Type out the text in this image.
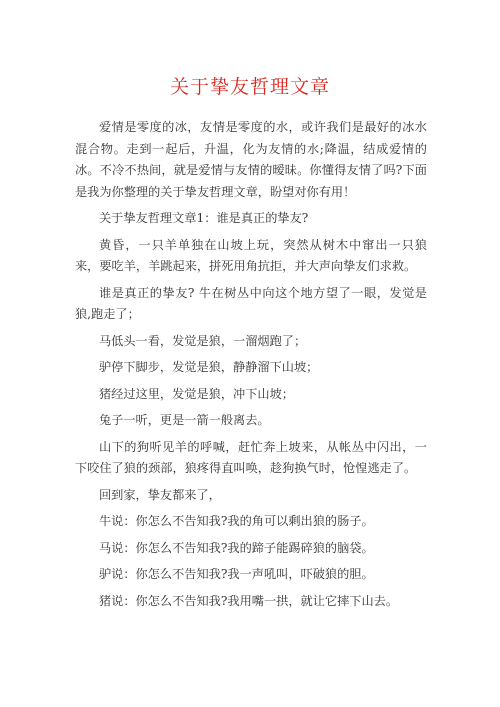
关于挚友哲理文章

爱情是零度的冰，友情是零度的水，或许我们是最好的冰水混合物。走到一起后，升温，化为友情的水;降温，结成爱情的冰。不冷不热间，就是爱情与友情的暧昧。你懂得友情了吗?下面是我为你整理的关于挚友哲理文章，盼望对你有用！

关于挚友哲理文章1：谁是真正的挚友?

黄昏，一只羊单独在山坡上玩，突然从树木中窜出一只狼来，要吃羊，羊跳起来，拼死用角抗拒，并大声向挚友们求救。

谁是真正的挚友? 牛在树丛中向这个地方望了一眼，发觉是狼,跑走了；

马低头一看，发觉是狼，一溜烟跑了；

驴停下脚步，发觉是狼，静静溜下山坡；

猪经过这里，发觉是狼，冲下山坡；

兔子一听，更是一箭一般离去。

山下的狗听见羊的呼喊，赶忙奔上坡来，从帐丛中闪出，一下咬住了狼的颈部，狼疼得直叫唤，趁狗换气时，怆惶逃走了。

回到家，挚友都来了，

牛说：你怎么不告知我?我的角可以剩出狼的肠子。

马说：你怎么不告知我?我的蹄子能踢碎狼的脑袋。

驴说：你怎么不告知我?我一声吼叫，吓破狼的胆。

猪说：你怎么不告知我?我用嘴一拱，就让它摔下山去。
